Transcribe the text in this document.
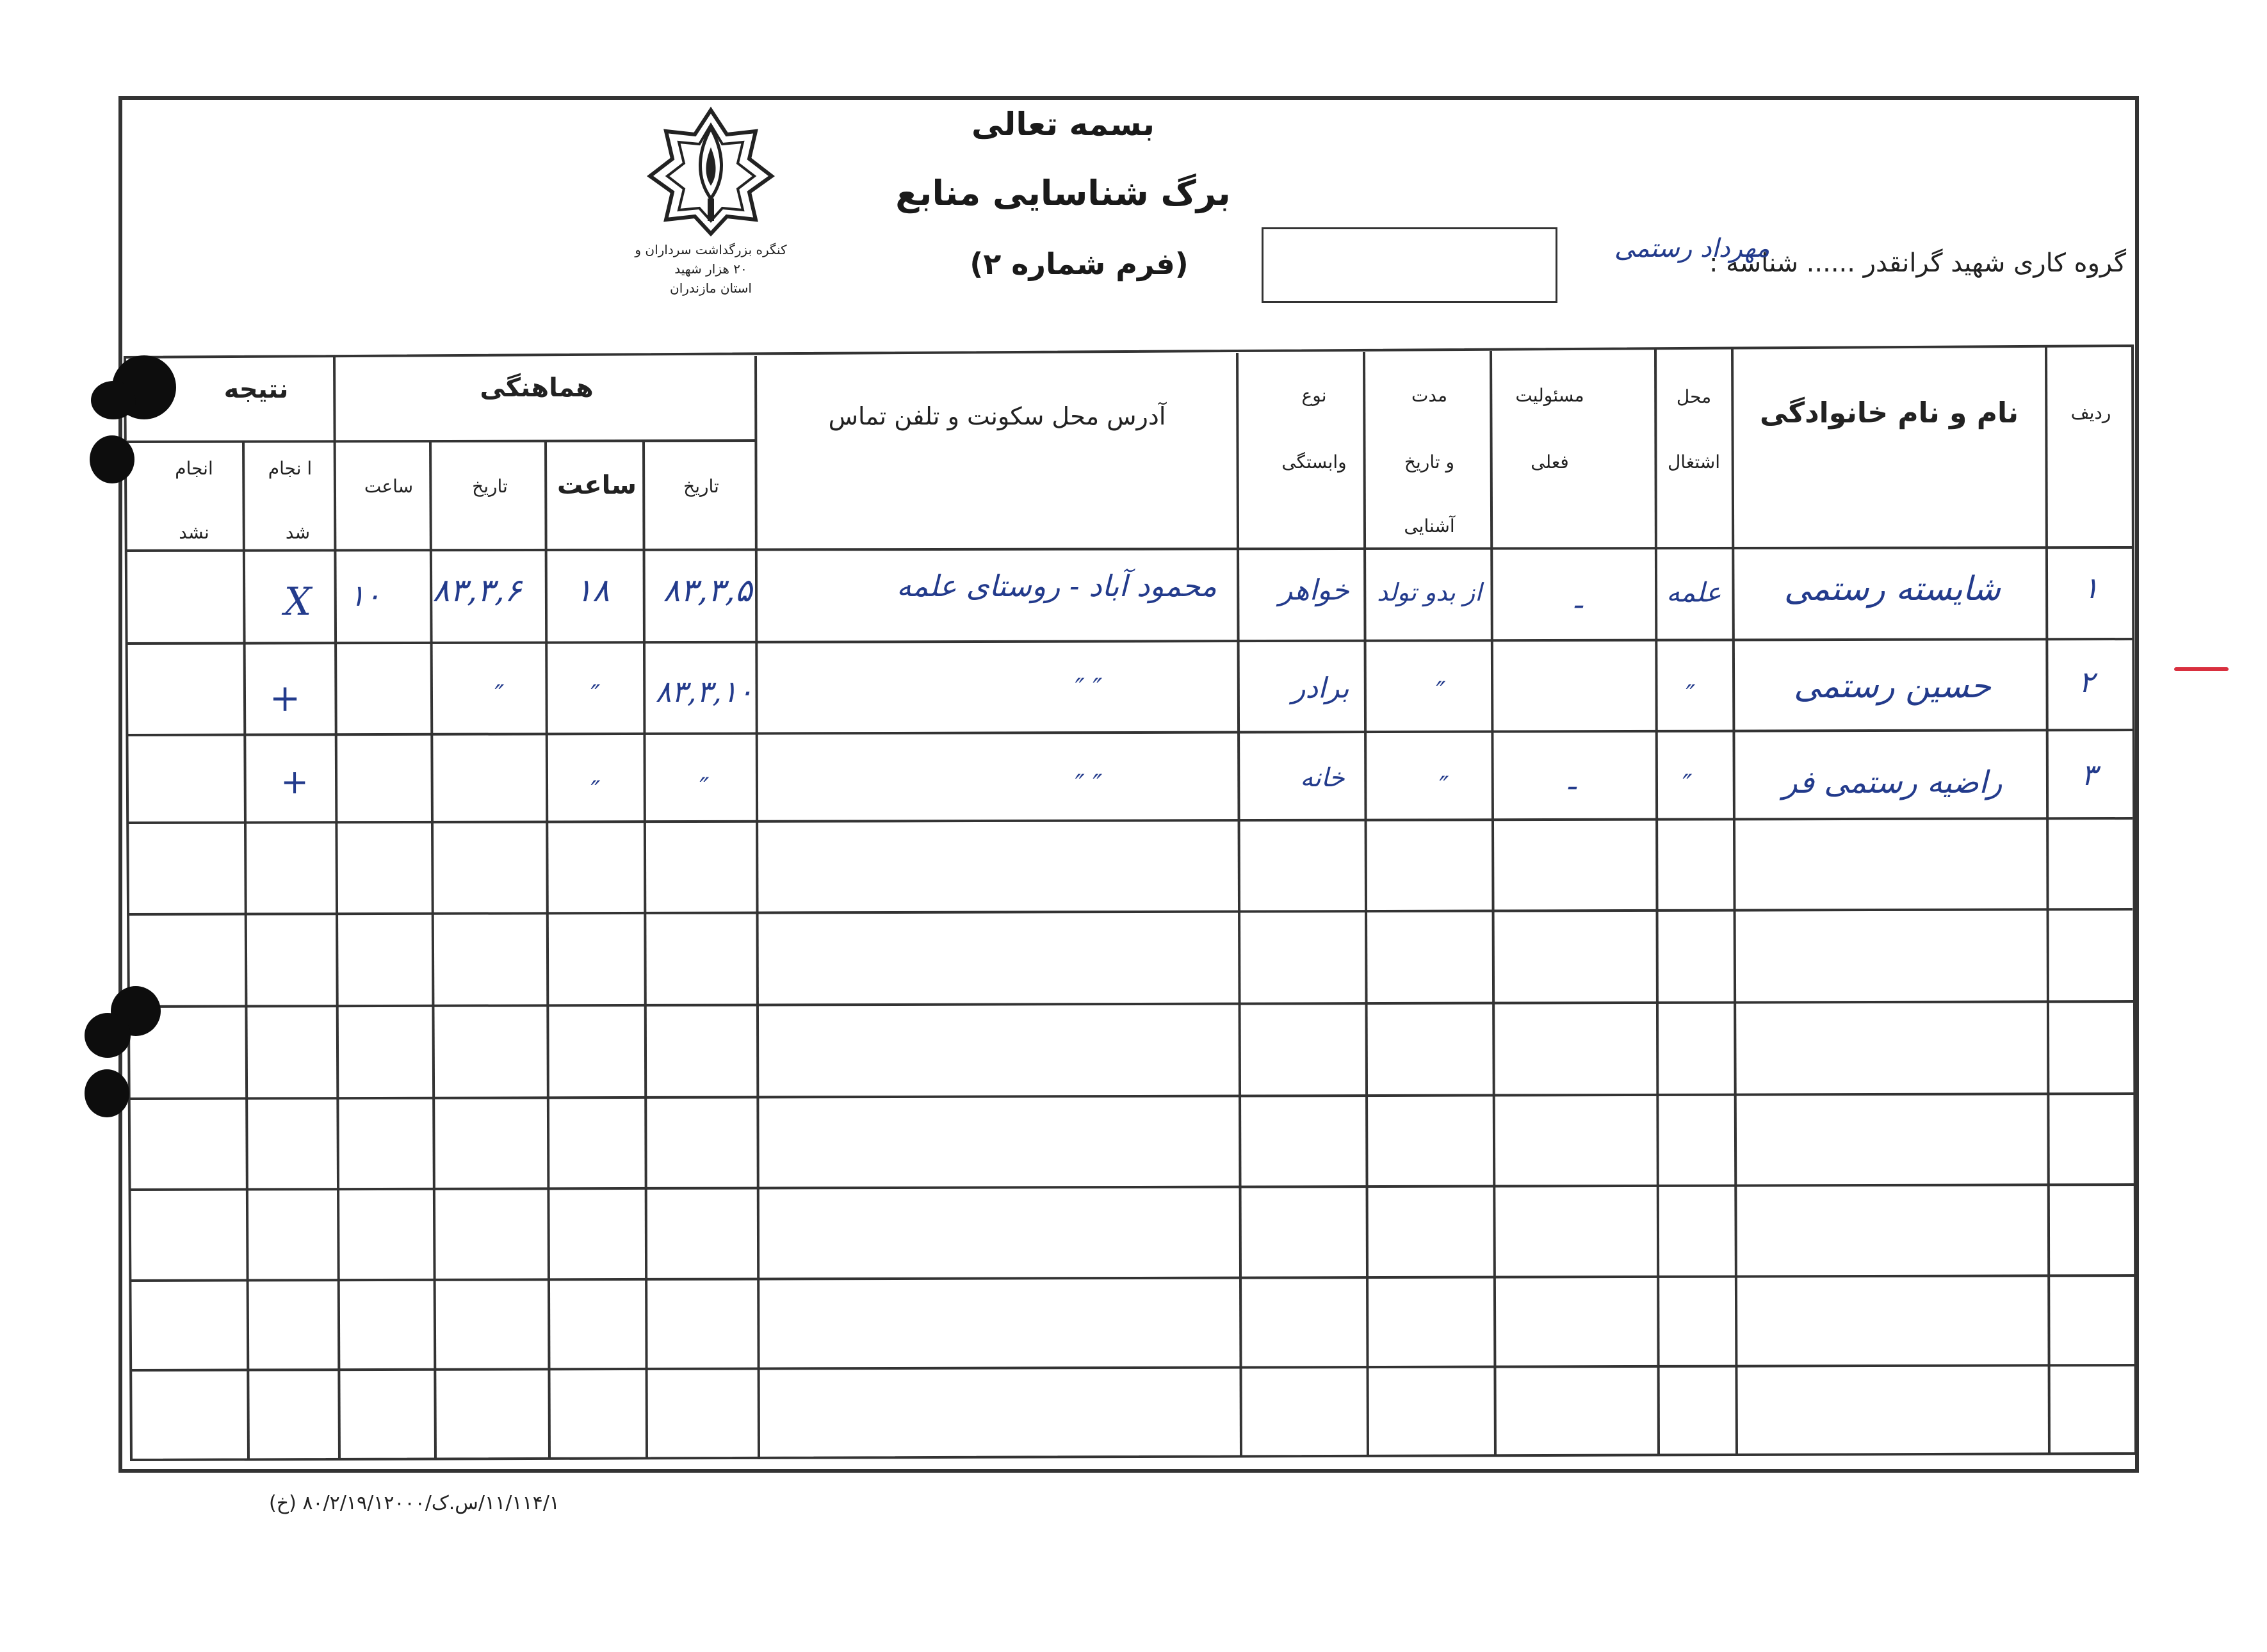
کنگره بزرگداشت سرداران و ۲۰ هزار شهید
استان مازندران
بسمه تعالی
برگ شناسایی منابع
(فرم شماره ۲)	گروه کاری شهید گرانقدر
مهرداد رستمی
...... شناسه :
ردیف
نام و نام خانوادگی
محل
اشتغال
مسئولیت
فعلی
مدت
و تاریخ
آشنایی
نوع
وابستگی
آدرس محل سکونت و تلفن تماس
هماهنگی
تاریخ
ساعت
تاریخ
ساعت
نتیجه
ا نجام
شد
انجام
نشد
۱
شایسته رستمی
علمه
ـ
از بدو تولد
خواهر
محمود آباد - روستای علمه
۸۳,۳,۵
۱۸
۸۳,۳,۶
۱۰
X
۲
حسین رستمی
″
″
برادر
″ ″
۸۳,۳,۱۰
″
″
+
۳
راضیه رستمی فر
″
ـ
″
خانه
″ ″
″
″
+
۱۱/۱۱۴/۱/س.ک/۸۰/۲/۱۹/۱۲۰۰۰ (خ)
